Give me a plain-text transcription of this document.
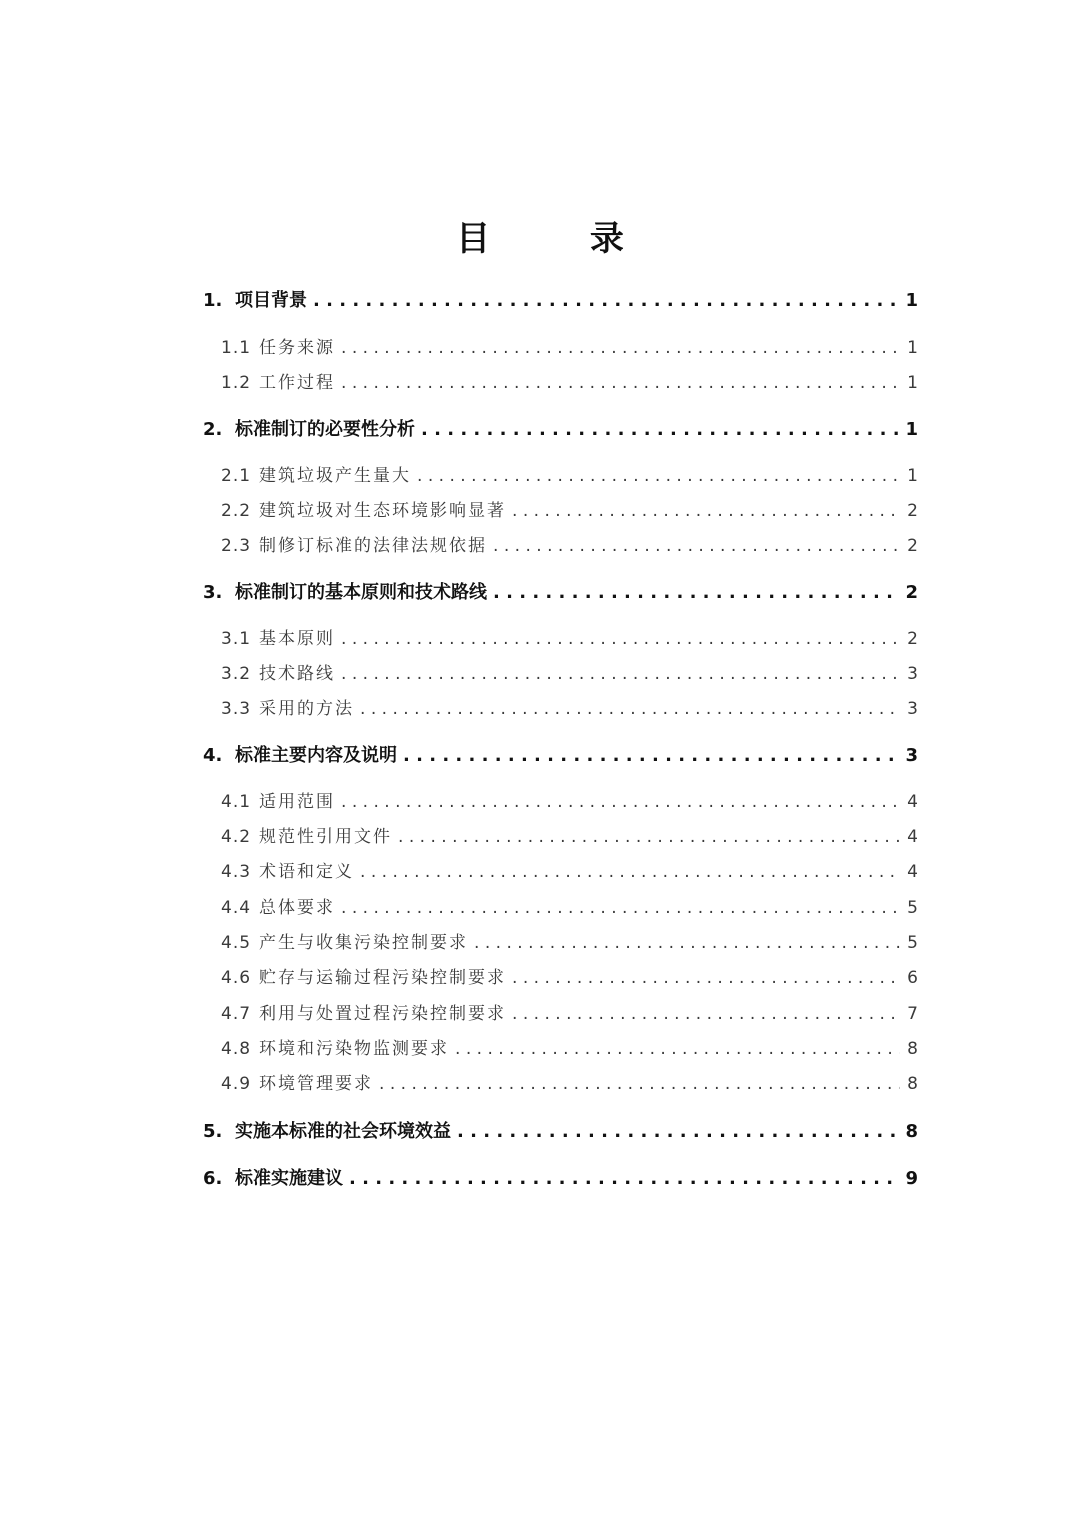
目 录
1. 项目背景 . . .	1
1.1 任务来源 . . .	1
1.2 工作过程 . . .	1
2. 标准制订的必要性分析 . . .	1
2.1 建筑垃圾产生量大 . . .	1
2.2 建筑垃圾对生态环境影响显著 . . .	2
2.3 制修订标准的法律法规依据 . . .	2
3. 标准制订的基本原则和技术路线 . . .	2
3.1 基本原则 . . .	2
3.2 技术路线 . . .	3
3.3 采用的方法 . . .	3
4. 标准主要内容及说明 . . .	3
4.1 适用范围 . . .	4
4.2 规范性引用文件 . . .	4
4.3 术语和定义 . . .	4
4.4 总体要求 . . .	5
4.5 产生与收集污染控制要求 . . .	5
4.6 贮存与运输过程污染控制要求 . . .	6
4.7 利用与处置过程污染控制要求 . . .	7
4.8 环境和污染物监测要求 . . .	8
4.9 环境管理要求 . . .	8
5. 实施本标准的社会环境效益 . . .	8
6. 标准实施建议 . . .	9
